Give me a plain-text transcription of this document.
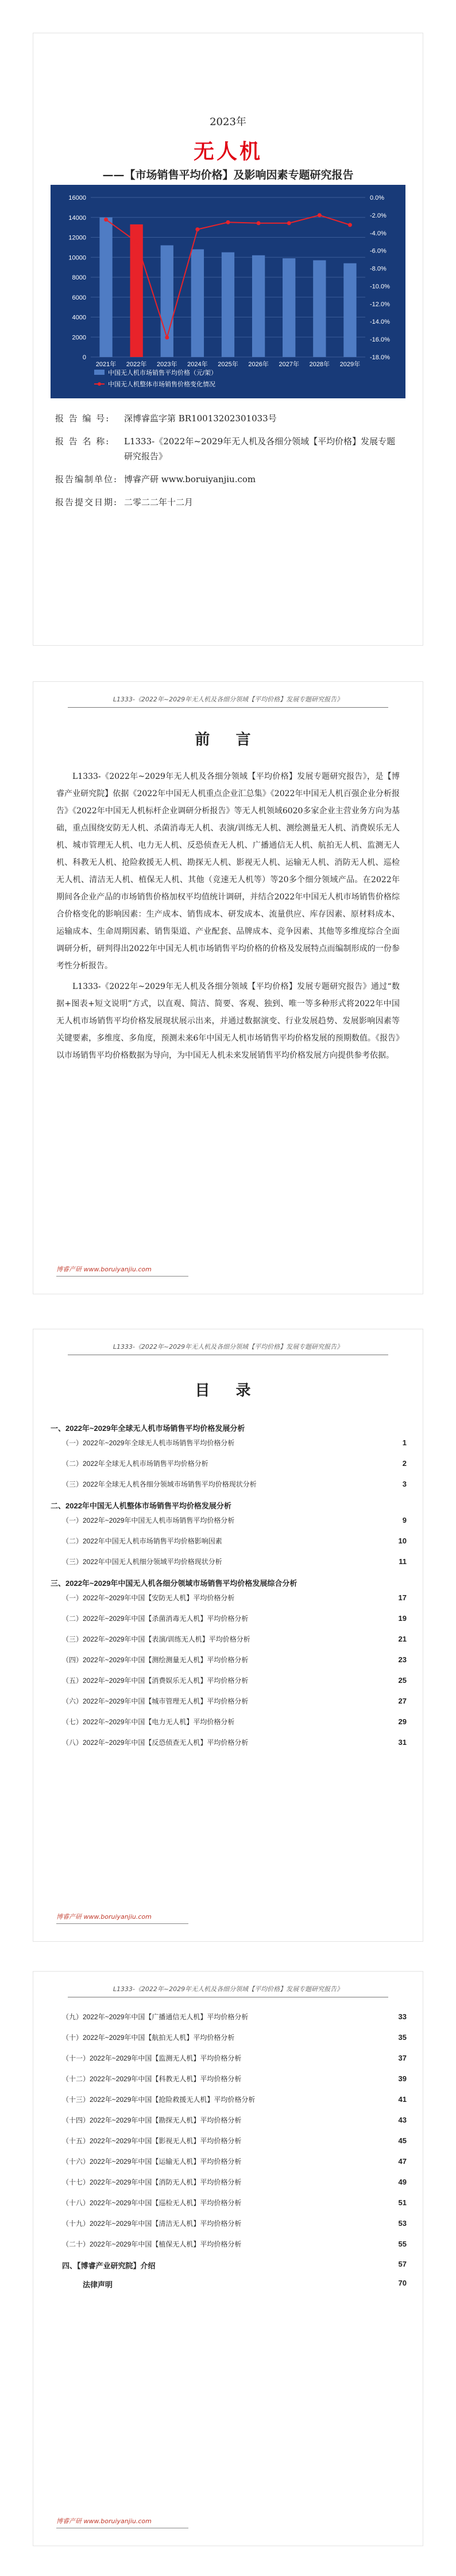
2023年
无人机
——【市场销售平均价格】及影响因素专题研究报告
0
2000
4000
6000
8000
10000
12000
14000
16000
-18.0%
-16.0%
-14.0%
-12.0%
-10.0%
-8.0%
-6.0%
-4.0%
-2.0%
0.0%
2021年 2022年 2023年 2024年 2025年 2026年 2027年 2028年 2029年
中国无人机市场销售平均价格（元/架）
中国无人机整体市场销售价格变化情况
报 告 编 号:	深博睿监字第 BR10013202301033号
报 告 名 称:	L1333-《2022年~2029年无人机及各细分领域【平均价格】发展专题研究报告》
报告编制单位: 博睿产研 www.boruiyanjiu.com
报告提交日期: 二零二二年十二月
L1333-《2022年~2029年无人机及各细分领域【平均价格】发展专题研究报告》
前 言

L1333-《2022年~2029年无人机及各细分领域【平均价格】发展专题研究报告》，是【博睿产业研究院】依据《2022年中国无人机重点企业汇总集》《2022年中国无人机百强企业分析报告》《2022年中国无人机标杆企业调研分析报告》等无人机领域6020多家企业主营业务方向为基础，重点围绕安防无人机、杀菌消毒无人机、表演/训练无人机、测绘测量无人机、消费娱乐无人机、城市管理无人机、电力无人机、反恐侦查无人机、广播通信无人机、航拍无人机、监测无人机、科教无人机、抢险救援无人机、勘探无人机、影视无人机、运输无人机、消防无人机、巡检无人机、清洁无人机、植保无人机、其他（竞速无人机等）等20多个细分领域产品。在2022年期间各企业产品的市场销售价格加权平均值统计调研，并结合2022年中国无人机市场销售价格综合价格变化的影响因素：生产成本、销售成本、研发成本、流量供应、库存因素、原材料成本、运输成本、生命周期因素、销售渠道、产业配套、品牌成本、竞争因素、其他等多维度综合全面调研分析，研判得出2022年中国无人机市场销售平均价格的价格及发展特点而编制形成的一份参考性分析报告。

L1333-《2022年~2029年无人机及各细分领域【平均价格】发展专题研究报告》通过“数据+图表+短文说明”方式，以直观、简洁、简要、客观、独到、唯一等多种形式将2022年中国无人机市场销售平均价格发展现状展示出来，并通过数据演变、行业发展趋势、发展影响因素等关键要素，多维度、多角度，预测未来6年中国无人机市场销售平均价格发展的预期数值。《报告》以市场销售平均价格数据为导向，为中国无人机未来发展销售平均价格发展方向提供参考依据。

博睿产研 www.boruiyanjiu.com
L1333-《2022年~2029年无人机及各细分领域【平均价格】发展专题研究报告》
目 录
一、2022年~2029年全球无人机市场销售平均价格发展分析
（一）2022年~2029年全球无人机市场销售平均价格分析	1
（二）2022年全球无人机市场销售平均价格分析	2
（三）2022年全球无人机各细分领域市场销售平均价格现状分析	3
二、2022年中国无人机整体市场销售平均价格发展分析
（一）2022年~2029年中国无人机市场销售平均价格分析	9
（二）2022年中国无人机市场销售平均价格影响因素	10
（三）2022年中国无人机细分领域平均价格现状分析	11
三、2022年~2029年中国无人机各细分领域市场销售平均价格发展综合分析
（一）2022年~2029年中国【安防无人机】平均价格分析	17
（二）2022年~2029年中国【杀菌消毒无人机】平均价格分析	19
（三）2022年~2029年中国【表演/训练无人机】平均价格分析	21
（四）2022年~2029年中国【测绘测量无人机】平均价格分析	23
（五）2022年~2029年中国【消费娱乐无人机】平均价格分析	25
（六）2022年~2029年中国【城市管理无人机】平均价格分析	27
（七）2022年~2029年中国【电力无人机】平均价格分析	29
（八）2022年~2029年中国【反恐侦查无人机】平均价格分析	31
博睿产研 www.boruiyanjiu.com
L1333-《2022年~2029年无人机及各细分领域【平均价格】发展专题研究报告》
（九）2022年~2029年中国【广播通信无人机】平均价格分析	33
（十）2022年~2029年中国【航拍无人机】平均价格分析	35
（十一）2022年~2029年中国【监测无人机】平均价格分析	37
（十二）2022年~2029年中国【科教无人机】平均价格分析	39
（十三）2022年~2029年中国【抢险救援无人机】平均价格分析	41
（十四）2022年~2029年中国【勘探无人机】平均价格分析	43
（十五）2022年~2029年中国【影视无人机】平均价格分析	45
（十六）2022年~2029年中国【运输无人机】平均价格分析	47
（十七）2022年~2029年中国【消防无人机】平均价格分析	49
（十八）2022年~2029年中国【巡检无人机】平均价格分析	51
（十九）2022年~2029年中国【清洁无人机】平均价格分析	53
（二十）2022年~2029年中国【植保无人机】平均价格分析	55
四、【博睿产业研究院】介绍	57
法律声明	70
博睿产研 www.boruiyanjiu.com
